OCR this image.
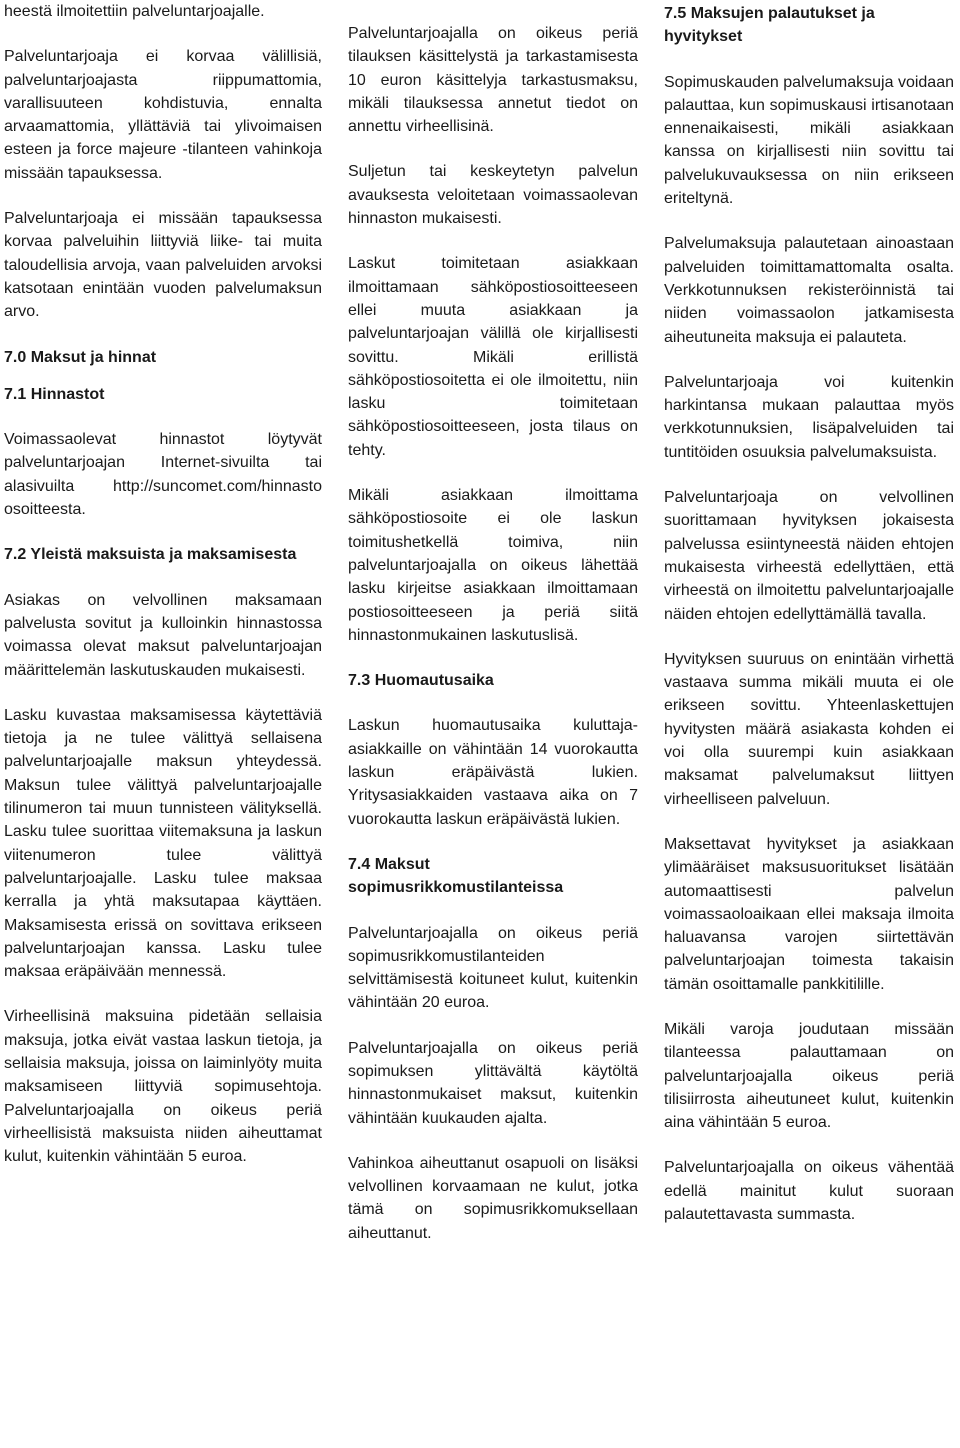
heestä ilmoitettiin palveluntarjoajalle.

Palveluntarjoaja ei korvaa välillisiä, palveluntarjoajasta riippumattomia, varallisuuteen kohdistuvia, ennalta arvaamattomia, yllättäviä tai ylivoimaisen esteen ja force majeure -tilanteen vahinkoja missään tapauksessa.

Palveluntarjoaja ei missään tapauksessa korvaa palveluihin liittyviä liike- tai muita taloudellisia arvoja, vaan palveluiden arvoksi katsotaan enintään vuoden palvelumaksun arvo.

7.0 Maksut ja hinnat
7.1 Hinnastot

Voimassaolevat hinnastot löytyvät palveluntarjoajan Internet-sivuilta tai alasivuilta http://suncomet.com/hinnasto osoitteesta.

7.2 Yleistä maksuista ja maksamisesta

Asiakas on velvollinen maksamaan palvelusta sovitut ja kulloinkin hinnastossa voimassa olevat maksut palveluntarjoajan määrittelemän laskutuskauden mukaisesti.

Lasku kuvastaa maksamisessa käytettäviä tietoja ja ne tulee välittyä sellaisena palveluntarjoajalle maksun yhteydessä. Maksun tulee välittyä palveluntarjoajalle tilinumeron tai muun tunnisteen välityksellä. Lasku tulee suorittaa viitemaksuna ja laskun viitenumeron tulee välittyä palveluntarjoajalle. Lasku tulee maksaa kerralla ja yhtä maksutapaa käyttäen. Maksamisesta erissä on sovittava erikseen palveluntarjoajan kanssa. Lasku tulee maksaa eräpäivään mennessä.

Virheellisinä maksuina pidetään sellaisia maksuja, jotka eivät vastaa laskun tietoja, ja sellaisia maksuja, joissa on laiminlyöty muita maksamiseen liittyviä sopimusehtoja. Palveluntarjoajalla on oikeus periä virheellisistä maksuista niiden aiheuttamat kulut, kuitenkin vähintään 5 euroa.

Palveluntarjoajalla on oikeus periä tilauksen käsittelystä ja tarkastamisesta 10 euron käsittelyja tarkastusmaksu, mikäli tilauksessa annetut tiedot on annettu virheellisinä.

Suljetun tai keskeytetyn palvelun avauksesta veloitetaan voimassaolevan hinnaston mukaisesti.

Laskut toimitetaan asiakkaan ilmoittamaan sähköpostiosoitteeseen ellei muuta asiakkaan ja palveluntarjoajan välillä ole kirjallisesti sovittu. Mikäli erillistä sähköpostiosoitetta ei ole ilmoitettu, niin lasku toimitetaan sähköpostiosoitteeseen, josta tilaus on tehty.

Mikäli asiakkaan ilmoittama sähköpostiosoite ei ole laskun toimitushetkellä toimiva, niin palveluntarjoajalla on oikeus lähettää lasku kirjeitse asiakkaan ilmoittamaan postiosoitteeseen ja periä siitä hinnastonmukainen laskutuslisä.

7.3 Huomautusaika

Laskun huomautusaika kuluttaja-asiakkaille on vähintään 14 vuorokautta laskun eräpäivästä lukien. Yritysasiakkaiden vastaava aika on 7 vuorokautta laskun eräpäivästä lukien.

7.4 Maksut sopimusrikkomustilanteissa

Palveluntarjoajalla on oikeus periä sopimusrikkomustilanteiden selvittämisestä koituneet kulut, kuitenkin vähintään 20 euroa.

Palveluntarjoajalla on oikeus periä sopimuksen ylittävältä käytöltä hinnastonmukaiset maksut, kuitenkin vähintään kuukauden ajalta.

Vahinkoa aiheuttanut osapuoli on lisäksi velvollinen korvaamaan ne kulut, jotka tämä on sopimusrikkomuksellaan aiheuttanut.

7.5 Maksujen palautukset ja hyvitykset

Sopimuskauden palvelumaksuja voidaan palauttaa, kun sopimuskausi irtisanotaan ennenaikaisesti, mikäli asiakkaan kanssa on kirjallisesti niin sovittu tai palvelukuvauksessa on niin erikseen eriteltynä.

Palvelumaksuja palautetaan ainoastaan palveluiden toimittamattomalta osalta. Verkkotunnuksen rekisteröinnistä tai niiden voimassaolon jatkamisesta aiheutuneita maksuja ei palauteta.

Palveluntarjoaja voi kuitenkin harkintansa mukaan palauttaa myös verkkotunnuksien, lisäpalveluiden tai tuntitöiden osuuksia palvelumaksuista.

Palveluntarjoaja on velvollinen suorittamaan hyvityksen jokaisesta palvelussa esiintyneestä näiden ehtojen mukaisesta virheestä edellyttäen, että virheestä on ilmoitettu palveluntarjoajalle näiden ehtojen edellyttämällä tavalla.

Hyvityksen suuruus on enintään virhettä vastaava summa mikäli muuta ei ole erikseen sovittu. Yhteenlaskettujen hyvitysten määrä asiakasta kohden ei voi olla suurempi kuin asiakkaan maksamat palvelumaksut liittyen virheelliseen palveluun.

Maksettavat hyvitykset ja asiakkaan ylimääräiset maksusuoritukset lisätään automaattisesti palvelun voimassaoloaikaan ellei maksaja ilmoita haluavansa varojen siirtettävän palveluntarjoajan toimesta takaisin tämän osoittamalle pankkitilille.

Mikäli varoja joudutaan missään tilanteessa palauttamaan on palveluntarjoajalla oikeus periä tilisiirrosta aiheutuneet kulut, kuitenkin aina vähintään 5 euroa.

Palveluntarjoajalla on oikeus vähentää edellä mainitut kulut suoraan palautettavasta summasta.
